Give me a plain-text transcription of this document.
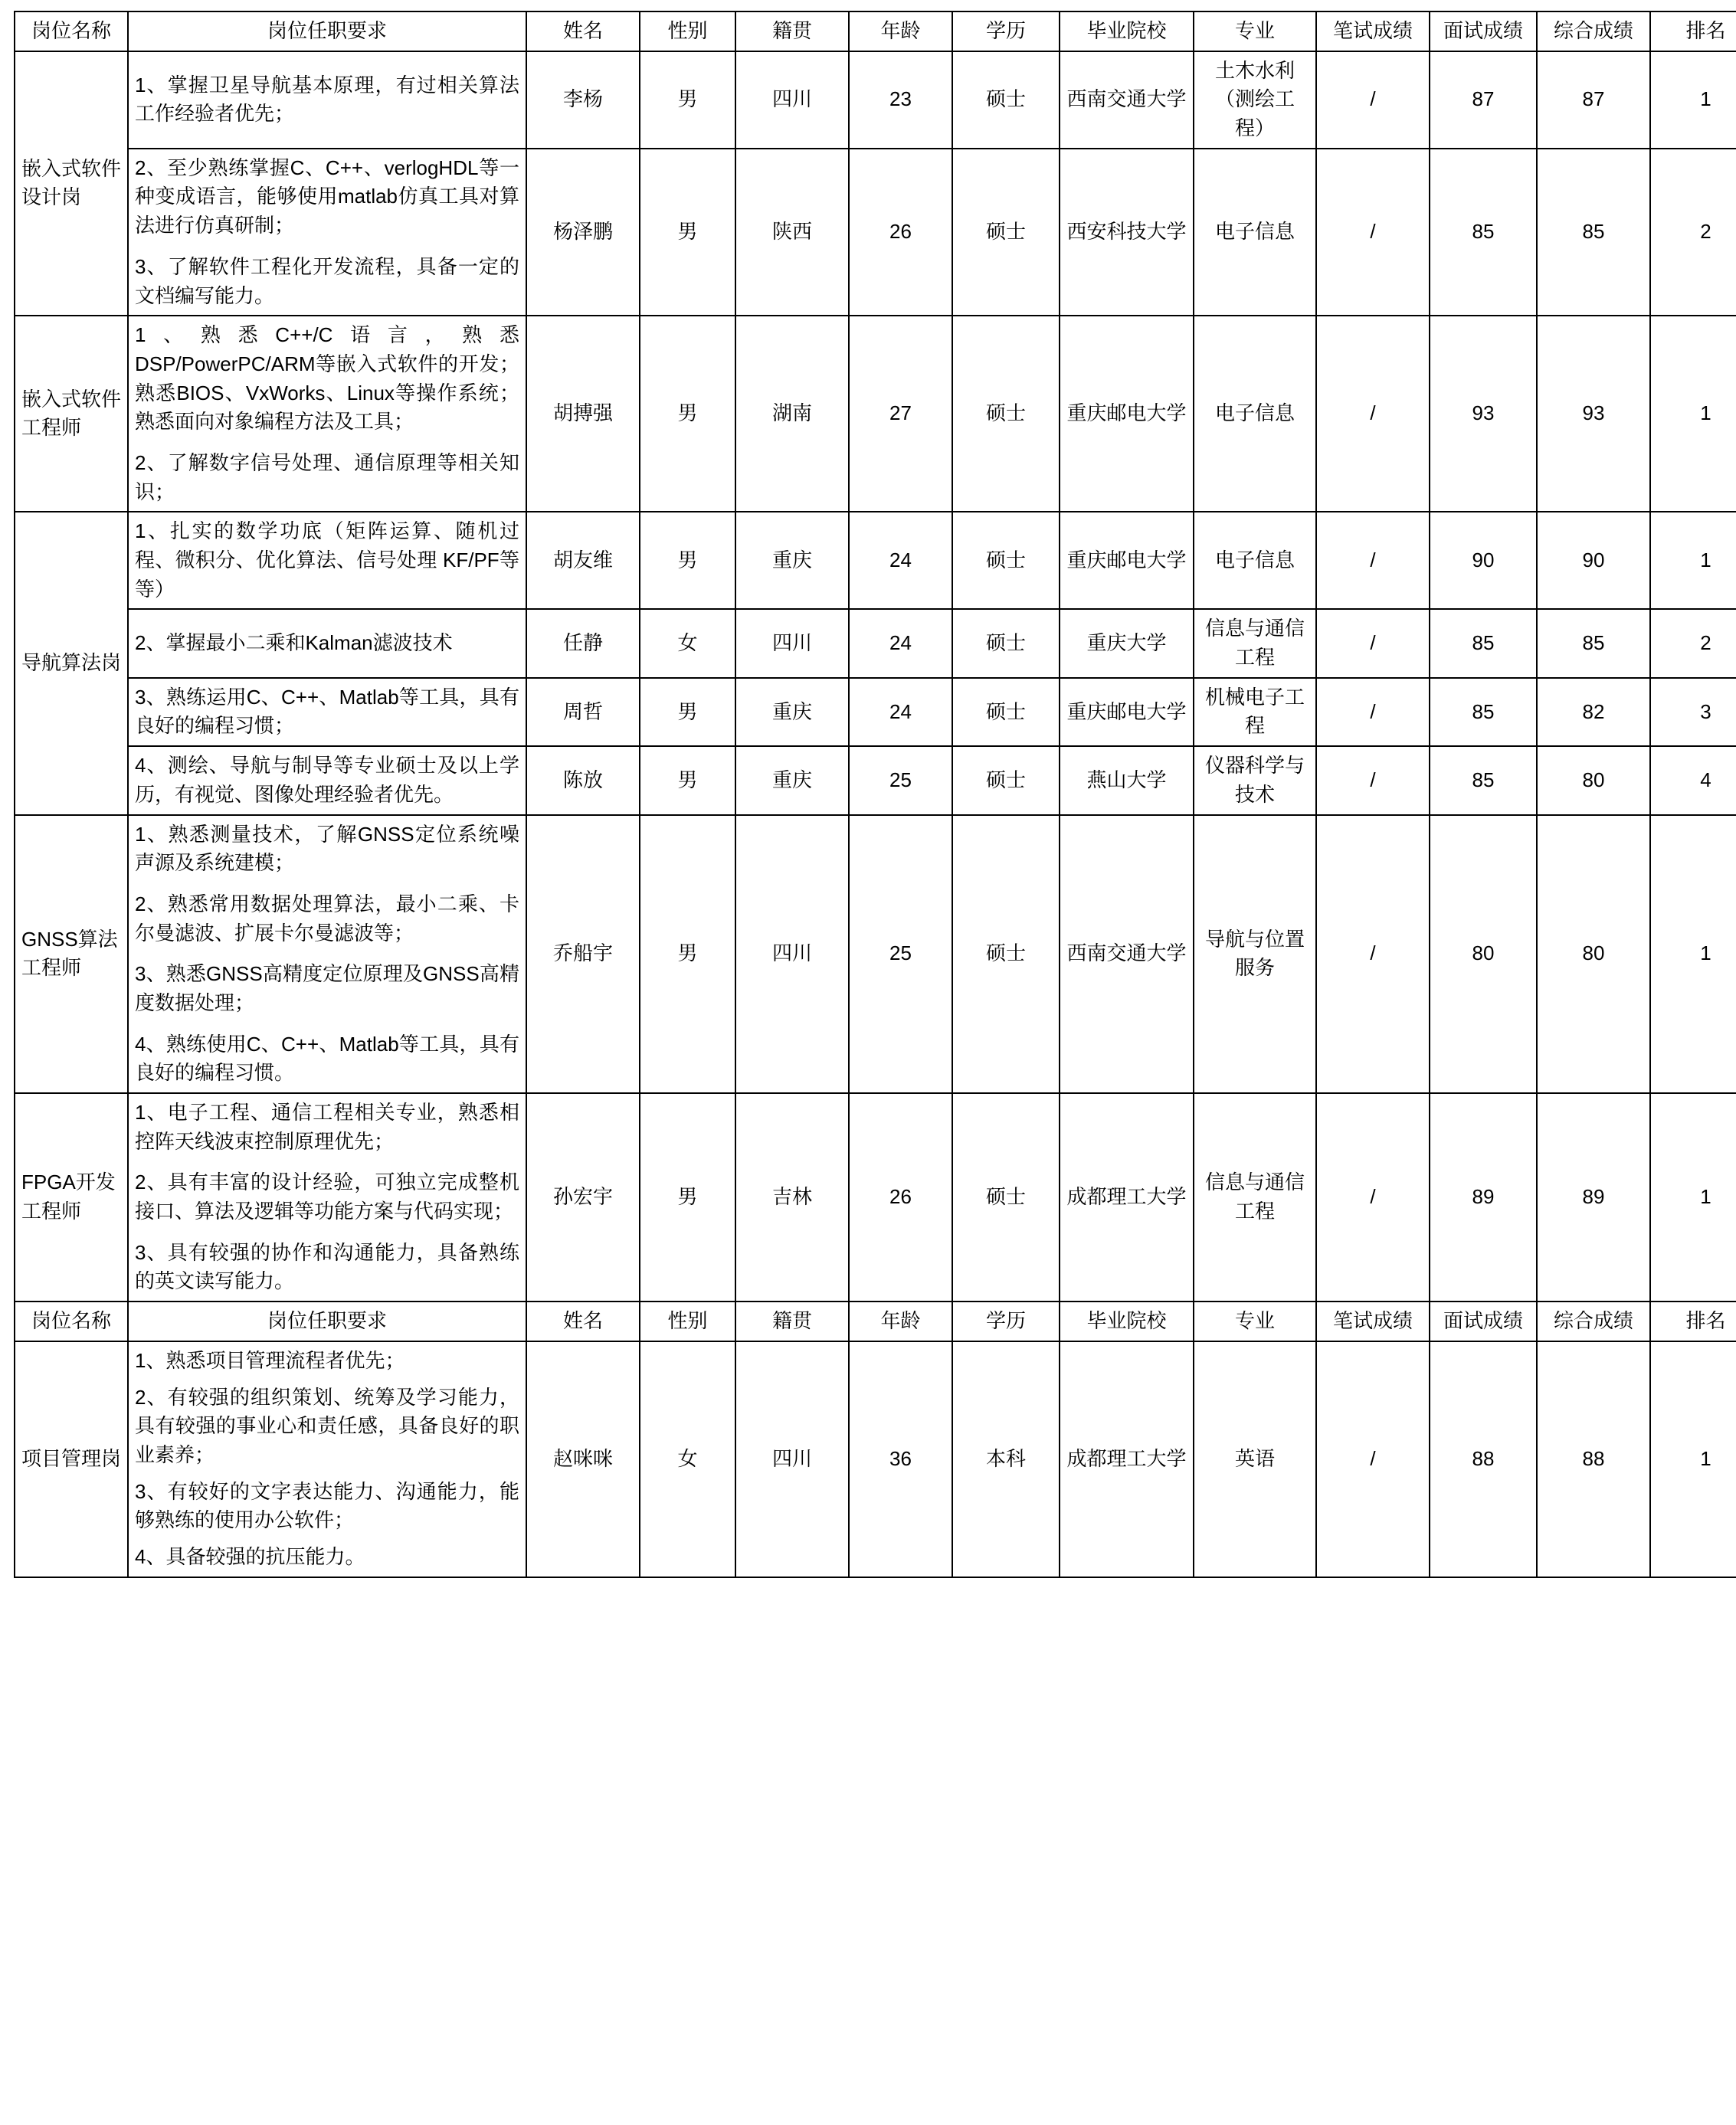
岗位名称	岗位任职要求	姓名	性别	籍贯	年龄	学历	毕业院校	专业	笔试成绩	面试成绩	综合成绩	排名
嵌入式软件设计岗	1、掌握卫星导航基本原理，有过相关算法工作经验者优先；	李杨	男	四川	23	硕士	西南交通大学	土木水利（测绘工程）	/	87	87	1

	2、至少熟练掌握C、C++、verlogHDL等一种变成语言，能够使用matlab仿真工具对算法进行仿真研制；

3、了解软件工程化开发流程，具备一定的文档编写能力。	杨泽鹏	男	陕西	26	硕士	西安科技大学	电子信息	/	85	85	2
嵌入式软件工程师	1、熟悉C++/C语言，熟悉DSP/PowerPC/ARM等嵌入式软件的开发；熟悉BIOS、VxWorks、Linux等操作系统；熟悉面向对象编程方法及工具；

2、了解数字信号处理、通信原理等相关知识；	胡搏强	男	湖南	27	硕士	重庆邮电大学	电子信息	/	93	93	1
导航算法岗	1、扎实的数学功底（矩阵运算、随机过程、微积分、优化算法、信号处理 KF/PF等等）	胡友维	男	重庆	24	硕士	重庆邮电大学	电子信息	/	90	90	1

	2、掌握最小二乘和Kalman滤波技术	任静	女	四川	24	硕士	重庆大学	信息与通信工程	/	85	85	2

	3、熟练运用C、C++、Matlab等工具，具有良好的编程习惯；	周哲	男	重庆	24	硕士	重庆邮电大学	机械电子工程	/	85	82	3

	4、测绘、导航与制导等专业硕士及以上学历，有视觉、图像处理经验者优先。	陈放	男	重庆	25	硕士	燕山大学	仪器科学与技术	/	85	80	4
GNSS算法工程师	1、熟悉测量技术，了解GNSS定位系统噪声源及系统建模；

2、熟悉常用数据处理算法，最小二乘、卡尔曼滤波、扩展卡尔曼滤波等；

3、熟悉GNSS高精度定位原理及GNSS高精度数据处理；

4、熟练使用C、C++、Matlab等工具，具有良好的编程习惯。	乔船宇	男	四川	25	硕士	西南交通大学	导航与位置服务	/	80	80	1
FPGA开发工程师	1、电子工程、通信工程相关专业，熟悉相控阵天线波束控制原理优先；

2、具有丰富的设计经验，可独立完成整机接口、算法及逻辑等功能方案与代码实现；

3、具有较强的协作和沟通能力，具备熟练的英文读写能力。	孙宏宇	男	吉林	26	硕士	成都理工大学	信息与通信工程	/	89	89	1
岗位名称	岗位任职要求	姓名	性别	籍贯	年龄	学历	毕业院校	专业	笔试成绩	面试成绩	综合成绩	排名
项目管理岗	1、熟悉项目管理流程者优先；

2、有较强的组织策划、统筹及学习能力，具有较强的事业心和责任感，具备良好的职业素养；

3、有较好的文字表达能力、沟通能力，能够熟练的使用办公软件；

4、具备较强的抗压能力。	赵咪咪	女	四川	36	本科	成都理工大学	英语	/	88	88	1
